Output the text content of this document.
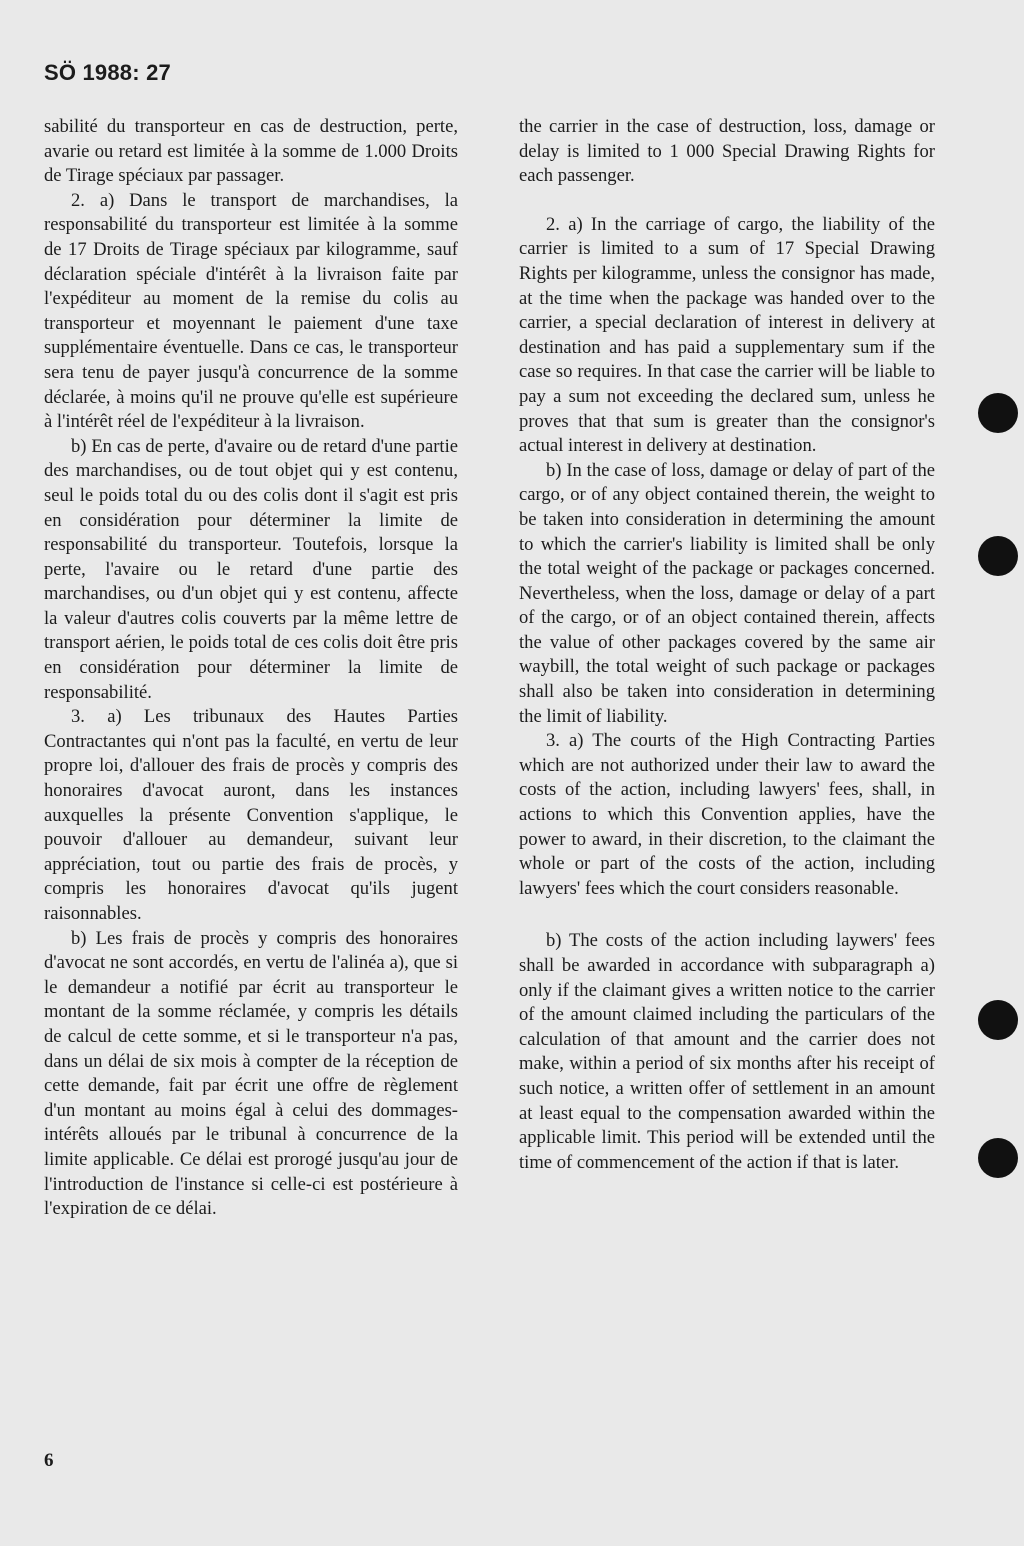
SÖ 1988: 27

sabilité du transporteur en cas de destruction, perte, avarie ou retard est limitée à la somme de 1.000 Droits de Tirage spéciaux par passager.

2. a) Dans le transport de marchandises, la responsabilité du transporteur est limitée à la somme de 17 Droits de Tirage spéciaux par kilogramme, sauf déclaration spéciale d'intérêt à la livraison faite par l'expéditeur au moment de la remise du colis au transporteur et moyennant le paiement d'une taxe supplémentaire éventuelle. Dans ce cas, le transporteur sera tenu de payer jusqu'à concurrence de la somme déclarée, à moins qu'il ne prouve qu'elle est supérieure à l'intérêt réel de l'expéditeur à la livraison.

b) En cas de perte, d'avaire ou de retard d'une partie des marchandises, ou de tout objet qui y est contenu, seul le poids total du ou des colis dont il s'agit est pris en considération pour déterminer la limite de responsabilité du transporteur. Toutefois, lorsque la perte, l'avaire ou le retard d'une partie des marchandises, ou d'un objet qui y est contenu, affecte la valeur d'autres colis couverts par la même lettre de transport aérien, le poids total de ces colis doit être pris en considération pour déterminer la limite de responsabilité.

3. a) Les tribunaux des Hautes Parties Contractantes qui n'ont pas la faculté, en vertu de leur propre loi, d'allouer des frais de procès y compris des honoraires d'avocat auront, dans les instances auxquelles la présente Convention s'applique, le pouvoir d'allouer au demandeur, suivant leur appréciation, tout ou partie des frais de procès, y compris les honoraires d'avocat qu'ils jugent raisonnables.

b) Les frais de procès y compris des honoraires d'avocat ne sont accordés, en vertu de l'alinéa a), que si le demandeur a notifié par écrit au transporteur le montant de la somme réclamée, y compris les détails de calcul de cette somme, et si le transporteur n'a pas, dans un délai de six mois à compter de la réception de cette demande, fait par écrit une offre de règlement d'un montant au moins égal à celui des dommages-intérêts alloués par le tribunal à concurrence de la limite applicable. Ce délai est prorogé jusqu'au jour de l'introduction de l'instance si celle-ci est postérieure à l'expiration de ce délai.

the carrier in the case of destruction, loss, damage or delay is limited to 1 000 Special Drawing Rights for each passenger.

2. a) In the carriage of cargo, the liability of the carrier is limited to a sum of 17 Special Drawing Rights per kilogramme, unless the consignor has made, at the time when the package was handed over to the carrier, a special declaration of interest in delivery at destination and has paid a supplementary sum if the case so requires. In that case the carrier will be liable to pay a sum not exceeding the declared sum, unless he proves that that sum is greater than the consignor's actual interest in delivery at destination.

b) In the case of loss, damage or delay of part of the cargo, or of any object contained therein, the weight to be taken into consideration in determining the amount to which the carrier's liability is limited shall be only the total weight of the package or packages concerned. Nevertheless, when the loss, damage or delay of a part of the cargo, or of an object contained therein, affects the value of other packages covered by the same air waybill, the total weight of such package or packages shall also be taken into consideration in determining the limit of liability.

3. a) The courts of the High Contracting Parties which are not authorized under their law to award the costs of the action, including lawyers' fees, shall, in actions to which this Convention applies, have the power to award, in their discretion, to the claimant the whole or part of the costs of the action, including lawyers' fees which the court considers reasonable.

b) The costs of the action including laywers' fees shall be awarded in accordance with subparagraph a) only if the claimant gives a written notice to the carrier of the amount claimed including the particulars of the calculation of that amount and the carrier does not make, within a period of six months after his receipt of such notice, a written offer of settlement in an amount at least equal to the compensation awarded within the applicable limit. This period will be extended until the time of commencement of the action if that is later.

6
